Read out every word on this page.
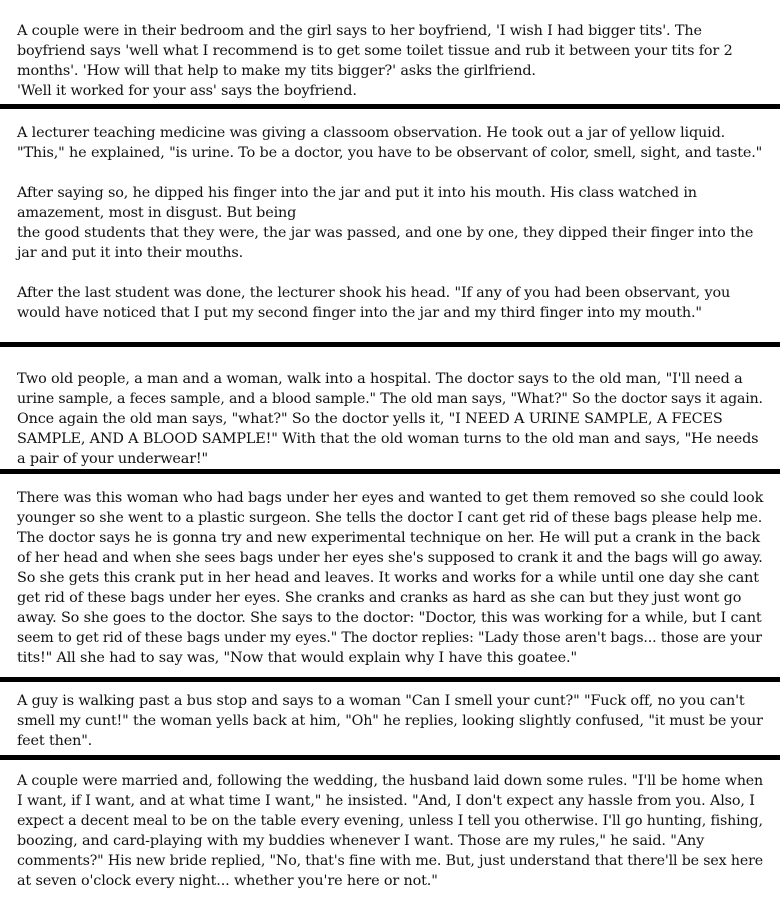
A couple were in their bedroom and the girl says to her boyfriend, 'I wish I had bigger tits'. The

boyfriend says 'well what I recommend is to get some toilet tissue and rub it between your tits for 2

months'. 'How will that help to make my tits bigger?' asks the girlfriend.

'Well it worked for your ass' says the boyfriend.

A lecturer teaching medicine was giving a classoom observation. He took out a jar of yellow liquid.

"This," he explained, "is urine. To be a doctor, you have to be observant of color, smell, sight, and taste."

After saying so, he dipped his finger into the jar and put it into his mouth. His class watched in

amazement, most in disgust. But being

the good students that they were, the jar was passed, and one by one, they dipped their finger into the

jar and put it into their mouths.

After the last student was done, the lecturer shook his head. "If any of you had been observant, you

would have noticed that I put my second finger into the jar and my third finger into my mouth."

Two old people, a man and a woman, walk into a hospital. The doctor says to the old man, "I'll need a

urine sample, a feces sample, and a blood sample." The old man says, "What?" So the doctor says it again.

Once again the old man says, "what?" So the doctor yells it, "I NEED A URINE SAMPLE, A FECES

SAMPLE, AND A BLOOD SAMPLE!" With that the old woman turns to the old man and says, "He needs

a pair of your underwear!"

There was this woman who had bags under her eyes and wanted to get them removed so she could look

younger so she went to a plastic surgeon. She tells the doctor I cant get rid of these bags please help me.

The doctor says he is gonna try and new experimental technique on her. He will put a crank in the back

of her head and when she sees bags under her eyes she's supposed to crank it and the bags will go away.

So she gets this crank put in her head and leaves. It works and works for a while until one day she cant

get rid of these bags under her eyes. She cranks and cranks as hard as she can but they just wont go

away. So she goes to the doctor. She says to the doctor: "Doctor, this was working for a while, but I cant

seem to get rid of these bags under my eyes." The doctor replies: "Lady those aren't bags... those are your

tits!" All she had to say was, "Now that would explain why I have this goatee."

A guy is walking past a bus stop and says to a woman "Can I smell your cunt?" "Fuck off, no you can't

smell my cunt!" the woman yells back at him, "Oh" he replies, looking slightly confused, "it must be your

feet then".

A couple were married and, following the wedding, the husband laid down some rules. "I'll be home when

I want, if I want, and at what time I want," he insisted. "And, I don't expect any hassle from you. Also, I

expect a decent meal to be on the table every evening, unless I tell you otherwise. I'll go hunting, fishing,

boozing, and card-playing with my buddies whenever I want. Those are my rules," he said. "Any

comments?" His new bride replied, "No, that's fine with me. But, just understand that there'll be sex here

at seven o'clock every night... whether you're here or not."
